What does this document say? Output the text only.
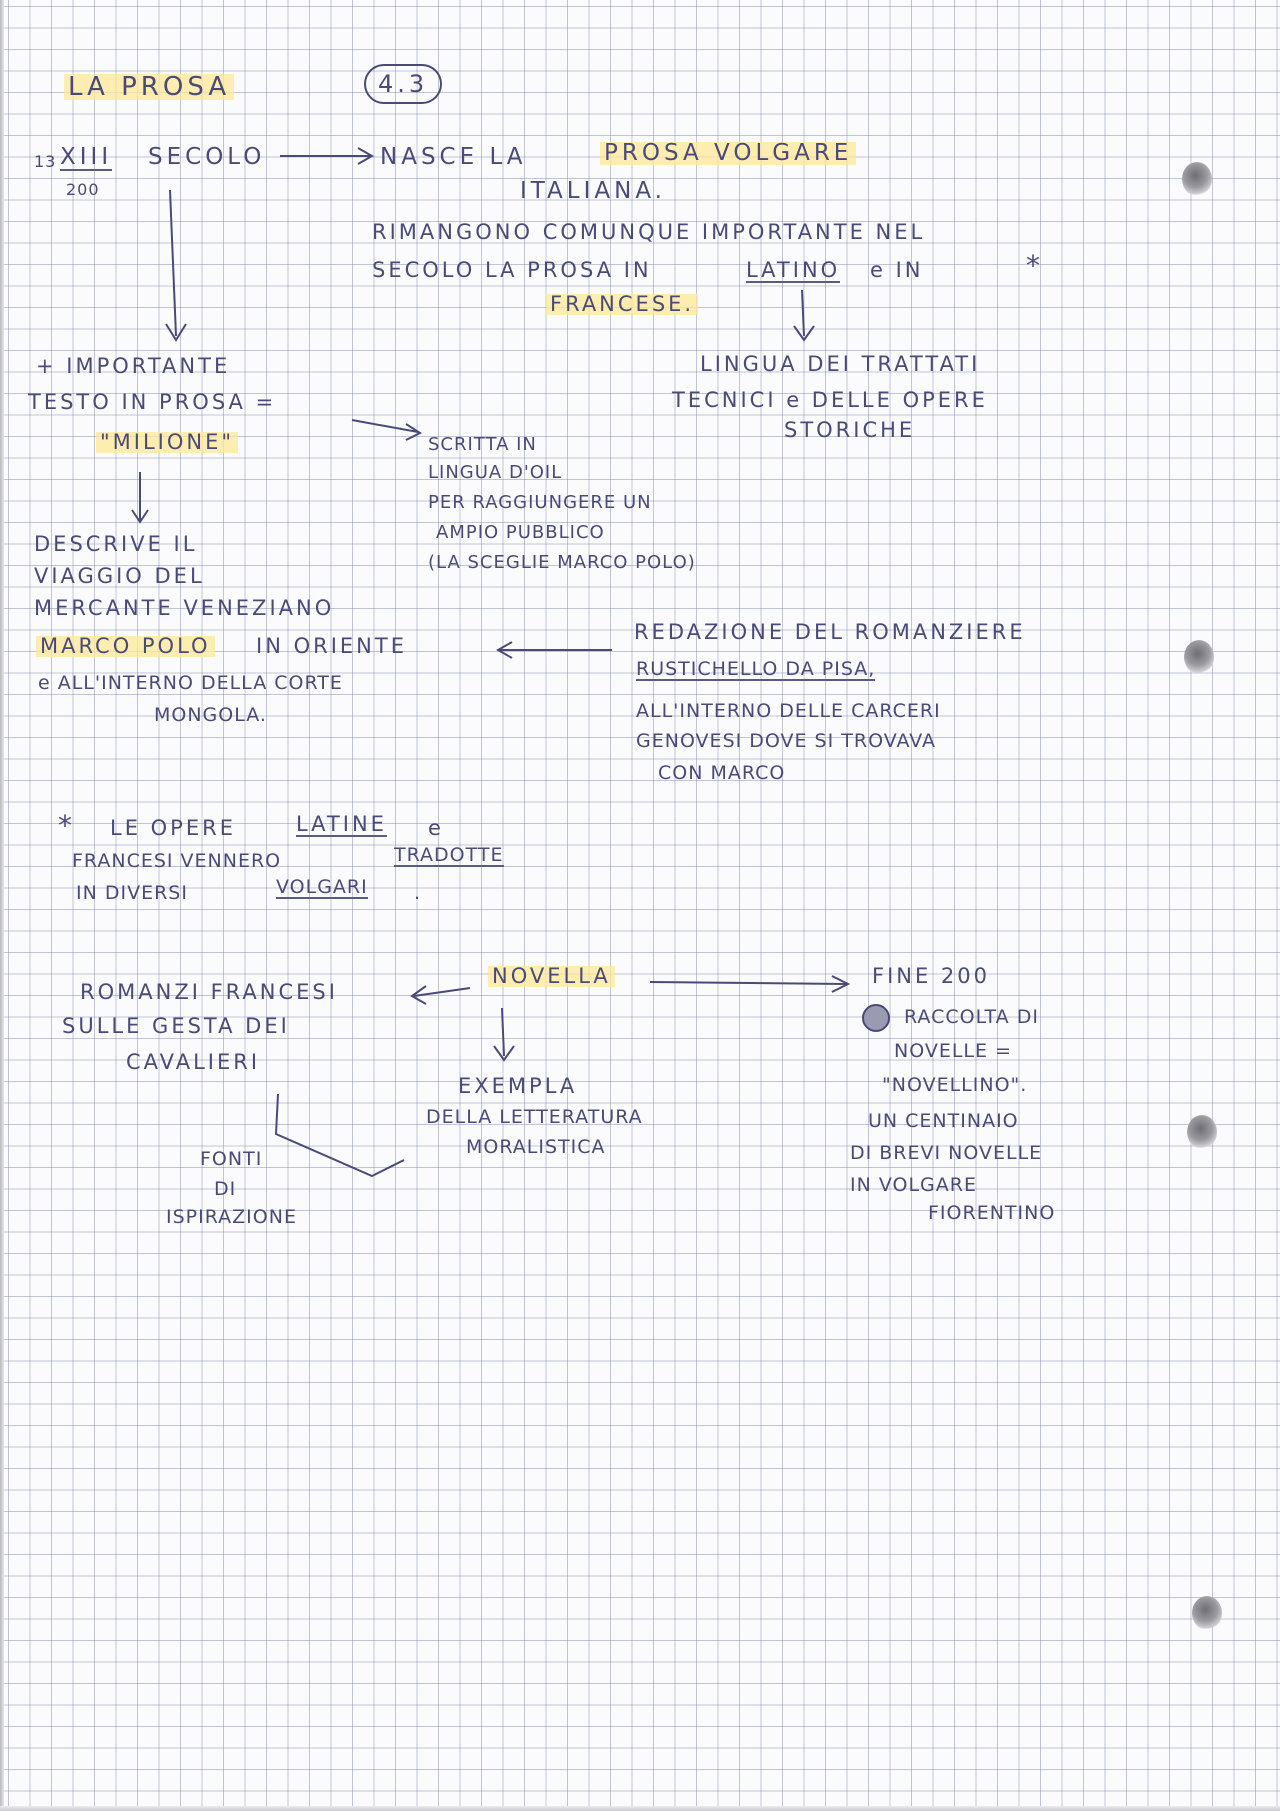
LA PROSA	4.3
13 XIII SECOLO
200
NASCE LA	PROSA VOLGARE
ITALIANA.
RIMANGONO COMUNQUE IMPORTANTE NEL
SECOLO LA PROSA IN	LATINO e IN	*
FRANCESE.
LINGUA DEI TRATTATI
TECNICI e DELLE OPERE
STORICHE
+ IMPORTANTE
TESTO IN PROSA =
"MILIONE"	SCRITTA IN
LINGUA D'OIL
PER RAGGIUNGERE UN
AMPIO PUBBLICO
(LA SCEGLIE MARCO POLO)
DESCRIVE IL
VIAGGIO DEL
MERCANTE VENEZIANO
MARCO POLO IN ORIENTE
e ALL'INTERNO DELLA CORTE
MONGOLA.
REDAZIONE DEL ROMANZIERE
RUSTICHELLO DA PISA,
ALL'INTERNO DELLE CARCERI
GENOVESI DOVE SI TROVAVA
CON MARCO
* LE OPERE	LATINE e
FRANCESI VENNERO	TRADOTTE
IN DIVERSI	VOLGARI .
NOVELLA
ROMANZI FRANCESI
SULLE GESTA DEI
CAVALIERI
EXEMPLA
DELLA LETTERATURA
MORALISTICA
FONTI
DI
ISPIRAZIONE
FINE 200
RACCOLTA DI
NOVELLE =
"NOVELLINO".
UN CENTINAIO
DI BREVI NOVELLE
IN VOLGARE
FIORENTINO
